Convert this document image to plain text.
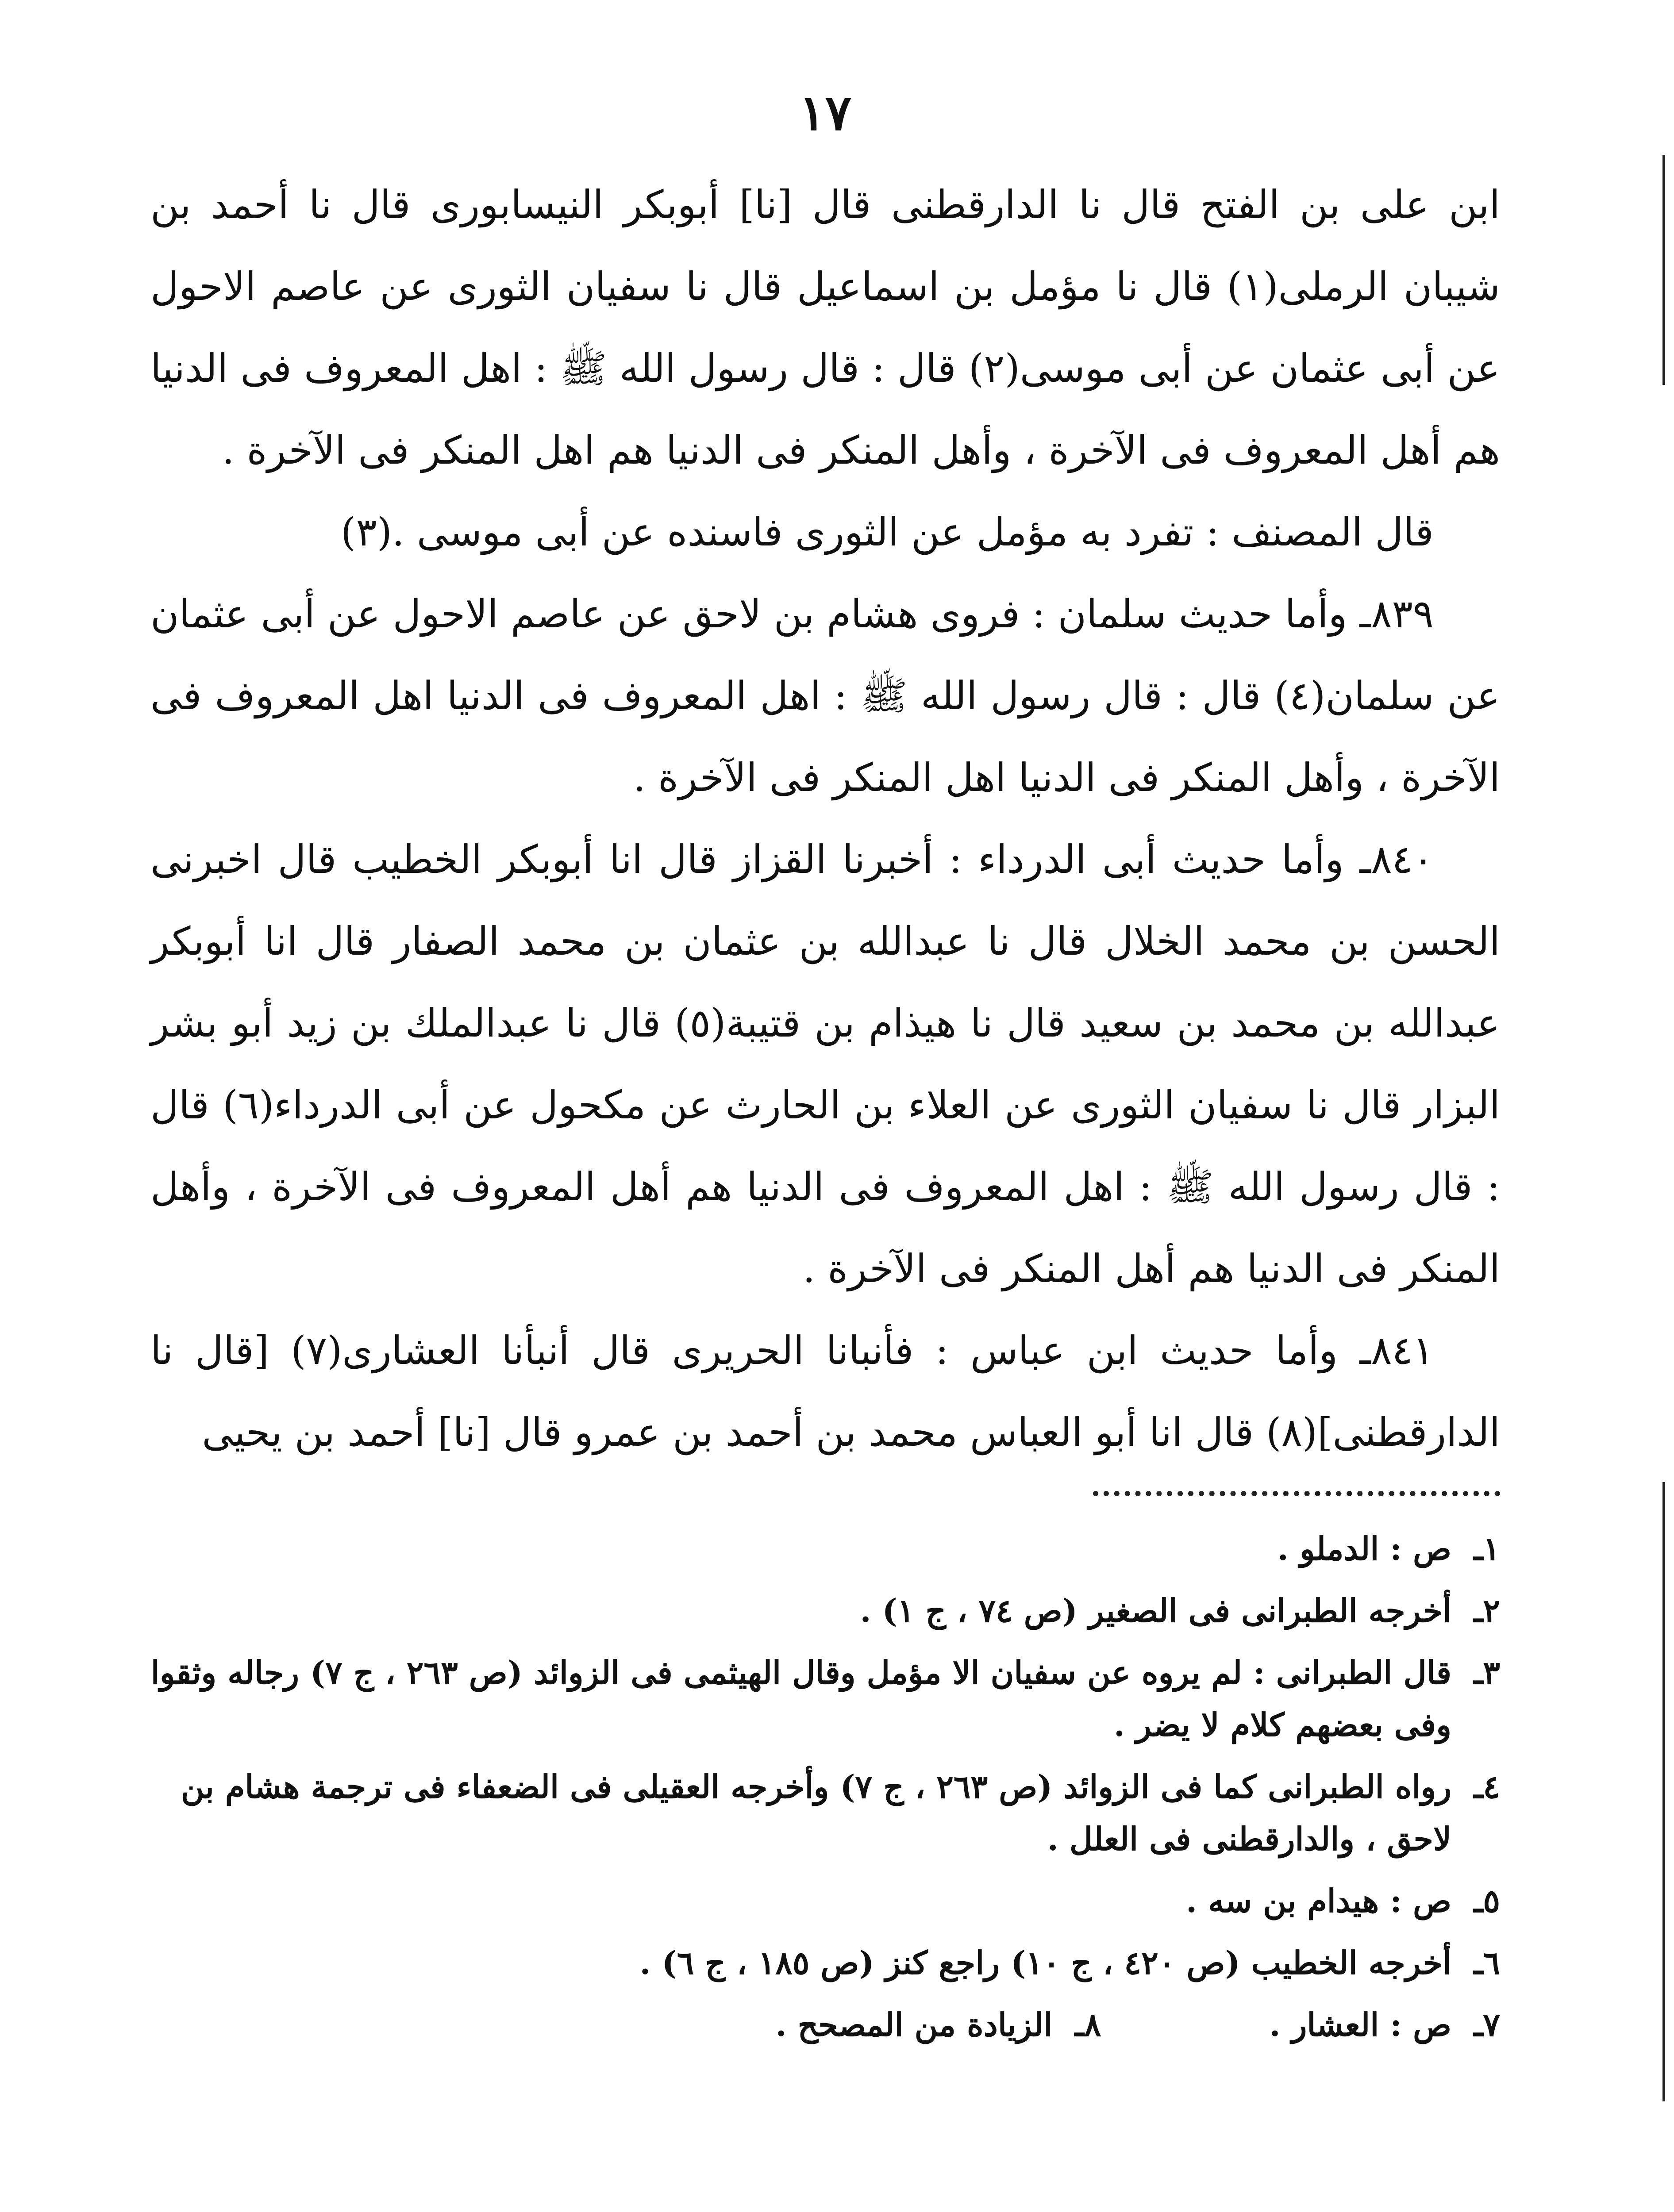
١٧

ابن على بن الفتح قال نا الدارقطنى قال [نا] أبوبكر النيسابورى قال نا أحمد بن شيبان الرملى(١) قال نا مؤمل بن اسماعيل قال نا سفيان الثورى عن عاصم الاحول عن أبى عثمان عن أبى موسى(٢) قال : قال رسول الله ﷺ : اهل المعروف فى الدنيا هم أهل المعروف فى الآخرة ، وأهل المنكر فى الدنيا هم اهل المنكر فى الآخرة .

قال المصنف : تفرد به مؤمل عن الثورى فاسنده عن أبى موسى .(٣)

٨٣٩ـ وأما حديث سلمان : فروى هشام بن لاحق عن عاصم الاحول عن أبى عثمان عن سلمان(٤) قال : قال رسول الله ﷺ : اهل المعروف فى الدنيا اهل المعروف فى الآخرة ، وأهل المنكر فى الدنيا اهل المنكر فى الآخرة .

٨٤٠ـ وأما حديث أبى الدرداء : أخبرنا القزاز قال انا أبوبكر الخطيب قال اخبرنى الحسن بن محمد الخلال قال نا عبدالله بن عثمان بن محمد الصفار قال انا أبوبكر عبدالله بن محمد بن سعيد قال نا هيذام بن قتيبة(٥) قال نا عبدالملك بن زيد أبو بشر البزار قال نا سفيان الثورى عن العلاء بن الحارث عن مكحول عن أبى الدرداء(٦) قال : قال رسول الله ﷺ : اهل المعروف فى الدنيا هم أهل المعروف فى الآخرة ، وأهل المنكر فى الدنيا هم أهل المنكر فى الآخرة .

٨٤١ـ وأما حديث ابن عباس : فأنبانا الحريرى قال أنبأنا العشارى(٧) [قال نا الدارقطنى](٨) قال انا أبو العباس محمد بن أحمد بن عمرو قال [نا] أحمد بن يحيى

١ـ
ص : الدملو .
٢ـ
أخرجه الطبرانى فى الصغير (ص ٧٤ ، ج ١) .
٣ـ
قال الطبرانى : لم يروه عن سفيان الا مؤمل وقال الهيثمى فى الزوائد (ص ٢٦٣ ، ج ٧) رجاله وثقوا وفى بعضهم كلام لا يضر .
٤ـ
رواه الطبرانى كما فى الزوائد (ص ٢٦٣ ، ج ٧) وأخرجه العقيلى فى الضعفاء فى ترجمة هشام بن لاحق ، والدارقطنى فى العلل .
٥ـ
ص : هيدام بن سه .
٦ـ
أخرجه الخطيب (ص ٤٢٠ ، ج ١٠) راجع كنز (ص ١٨٥ ، ج ٦) .
٧ـ
ص : العشار .
٨ـ
الزيادة من المصحح .
